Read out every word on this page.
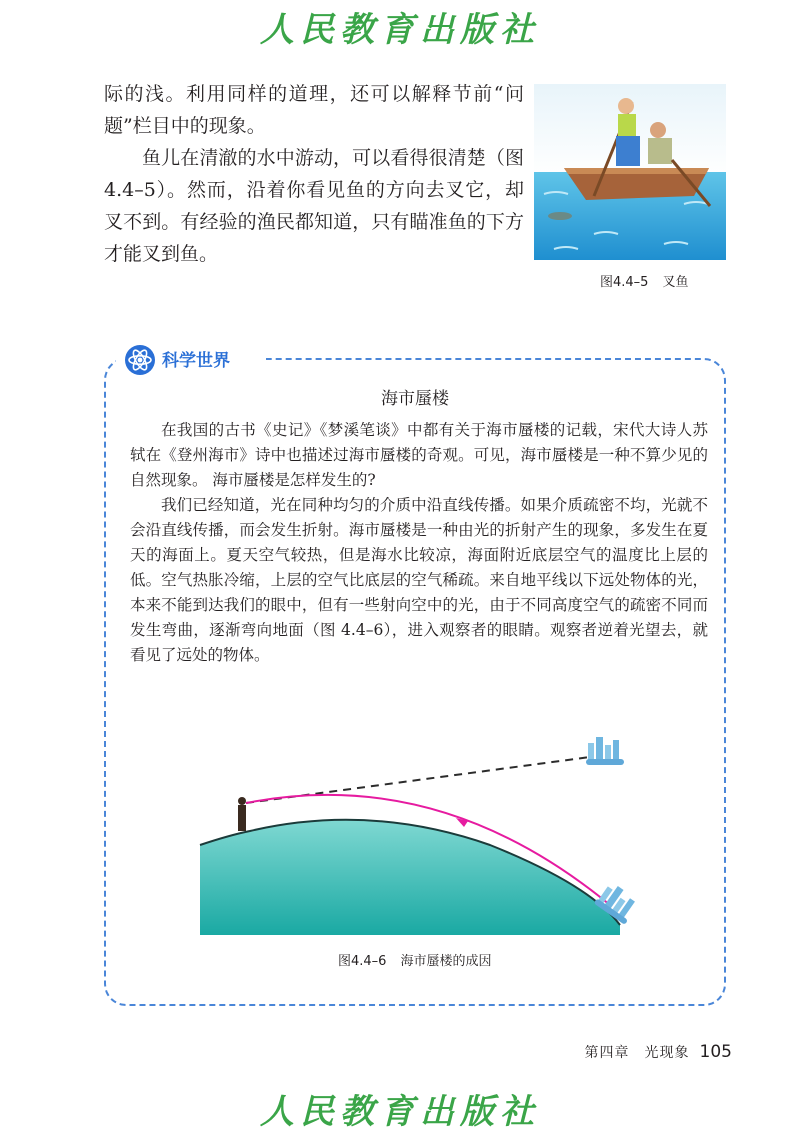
人民教育出版社

际的浅。利用同样的道理，还可以解释节前“问题”栏目中的现象。

鱼儿在清澈的水中游动，可以看得很清楚（图 4.4–5）。然而，沿着你看见鱼的方向去叉它，却叉不到。有经验的渔民都知道，只有瞄准鱼的下方才能叉到鱼。

图4.4–5 叉鱼
科学世界
海市蜃楼

在我国的古书《史记》《梦溪笔谈》中都有关于海市蜃楼的记载，宋代大诗人苏轼在《登州海市》诗中也描述过海市蜃楼的奇观。可见，海市蜃楼是一种不算少见的自然现象。 海市蜃楼是怎样发生的?

我们已经知道，光在同种均匀的介质中沿直线传播。如果介质疏密不均，光就不会沿直线传播，而会发生折射。海市蜃楼是一种由光的折射产生的现象，多发生在夏天的海面上。夏天空气较热，但是海水比较凉，海面附近底层空气的温度比上层的低。空气热胀冷缩，上层的空气比底层的空气稀疏。来自地平线以下远处物体的光，本来不能到达我们的眼中，但有一些射向空中的光，由于不同高度空气的疏密不同而发生弯曲，逐渐弯向地面（图 4.4–6），进入观察者的眼睛。观察者逆着光望去，就看见了远处的物体。

图4.4–6 海市蜃楼的成因
第四章　光现象 105
人民教育出版社
